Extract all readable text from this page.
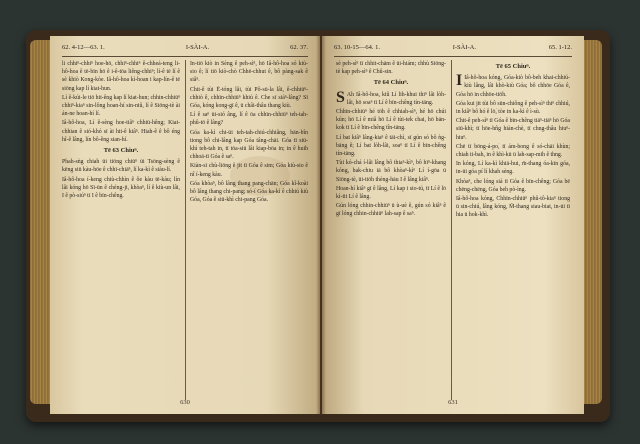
62. 4-12—63. 1.	I-SÀI-A.	62. 37.

li chhiⁿ-chhiⁿ hoe-hō, chhiⁿ-chhiⁿ ê-chheá-teng li-hô-hoa ê tē-bīn hō ê i-ê-tōa liêng-chhiⁿ; lí-ê tē lí ê sè khiò Kong-kòe. Iâ-hô-hoa kì-hoan i kap-lín-ê tē siōng kap lí kiat-hun.

Lí ê-kúi-le tiō hit-êng kap lí kiat-hun; chhin-chhiūⁿ chhiⁿ-kiaⁿ sin-lông hoan-hí sin-niû, lí ê Siōng-tè ài án-ne hoan-hí lí.

Iâ-hô-hoa, Lí ê-sèng hoe-tiâⁿ chhiū-hêng; Kiat-chhian ê sió-khó sī ài hit-ê kiâⁿ. Hiah-ê ê bô éng hî-ê lâng, lín bô-êng sian-hí.

Tē 63 Chiuⁿ.

Phah-sǹg chiah ūi tiōng chiūⁿ ūi Tsōng-sèng ê kēng siū kàu-hōe ê chhī-chiāⁿ, lí ka-kì ê siàu-lí.

Iâ-hô-hoa í-keng chiù-chhìn ê ôe kàu tē-kàu; lín lâi kóng hō Sī-ūn ê chéng-ji, khòaⁿ, lí ê kiù-un lâi, I ê pò-siúⁿ tī I ê bīn-chêng.

In-tiō kiò in Sèng ê peh-sìⁿ, hō Iâ-hô-hoa só kiù-sio ê; lí tiō kiò-chò Chhē-chhut ê, bô pàng-sak ê siâⁿ.

Chit-ê tùi Ē-tóng lâi, tùi Pô-sū-la lâi, ê-chhiūⁿ-chhiò ê, chhīn-chhiūⁿ khiú ê. Che sī siáⁿ-lâng? Sī Góa, kóng kong-gī ê, ū châi-thâu thang kiù.

Lí ê saⁿ ūi-sió âng, lí ê ōa chhīn-chhiūⁿ teh-tah-phû-tō ê lâng?

Góa ka-kì chi-ūi teh-tah-chiú-chhiâng, bān-bîn tiong bô chi-lâng kap Góa tâng-chāi. Góa tī siū-khì teh-tah in, tī tōa-siū lâi kiap-bōa in; in ê huih chhoā-tī Góa ê saⁿ.

Kiàn-sī chù-liōng ê jit tī Góa ê sim; Góa kiù-sio ê nî í-keng kàu.

Góa khòaⁿ, bô lâng thang pang-chān; Góa kî-koài bô lâng thang chi-pang; só-í Góa ka-kì ê chhiú kiù Góa, Góa ê siū-khì chi-pang Góa.

630
63. 10-15—64. 1.	I-SÀI-A.	65. 1-12.

sè peh-sìⁿ tī chhit-chām ê ūi-hiám; chhù Siōng-tè kap peh-sìⁿ ê Chû-sin.

Tē 64 Chiuⁿ.

S Ah Iâ-hô-hoa, kiû Lí lih-khui thiⁿ lâi lòh-lâi, hō soaⁿ tī Lí ê bīn-chêng tín-tāng.

Chhīn-chhiūⁿ hé tōh ê chhiah-sìⁿ, hé hō chúi kún; hō Lí ê miâ hō Lí ê tùi-tek chai, hō bān-kok tī Lí ê bīn-chêng tîn-tāng.

Lí bat kiâⁿ lâng-kiaⁿ ê tāi-chì, sī gún só bô ǹg-bāng ê; Lí bat lòh-lâi, soaⁿ tī Lí ê bīn-chêng tín-tāng.

Tùi kó-chá í-lâi lâng bô thiaⁿ-kìⁿ, bô hīⁿ-khang kóng, bak-chiu iā bô khòaⁿ-kìⁿ Lí í-gōa ū Siōng-tè, ūi-tiōh thèng-hāu I ê lâng kiâⁿ.

Hoan-hí kiâⁿ gī ê lâng, Lí kap i sio-tú, tī Lí ê lō͘ kì-tit Lí ê lâng.

Gún lóng chhin-chhiūⁿ ū ù-uè ê, gún só kiâⁿ ê gī lóng chhin-chhiūⁿ lah-sap ê saⁿ.

Tē 65 Chiuⁿ.

I Iâ-hô-hoa kóng, Góa-kiò bô-beh khai-chhiú-kiù lâng, lâi khò-kiù Góa; bô chhōe Góa ê, Góa hō in chhōe-tiōh.

Góa kui jit tùi bô sūn-chiông ê peh-sìⁿ thiⁿ chhiú, in kiâⁿ bô hó ê lō͘, tòe in ka-kì ê ì-sù.

Chit-ê peh-sìⁿ tī Góa ê bīn-chêng tiāⁿ-tiāⁿ hō Góa siū-khì; tī hōe-hn̂g hiàn-chè, tī chng-thâu hiuⁿ-hiuⁿ.

Chē tī bōng-á-po͘, tī ám-bong ê só-chāi khùn; chiah ti-bah, in ê khì-kū ū lah-sap-mih ê thng.

In kóng, Lí ka-kì khiā-hui, m̄-thang óa-kīn góa, in-ūi góa pí lí khah sèng.

Khòaⁿ, che lóng siá tī Góa ê bīn-chêng; Góa bē chēng-chēng, Góa beh pò-ìng.

Iâ-hô-hoa kóng, Chhīn-chhiūⁿ phû-tô-kiaⁿ tiong ū sin-chiú, lâng kóng, M̄-thang siau-biat, in-ūi tī hia ū hok-khì.

631
